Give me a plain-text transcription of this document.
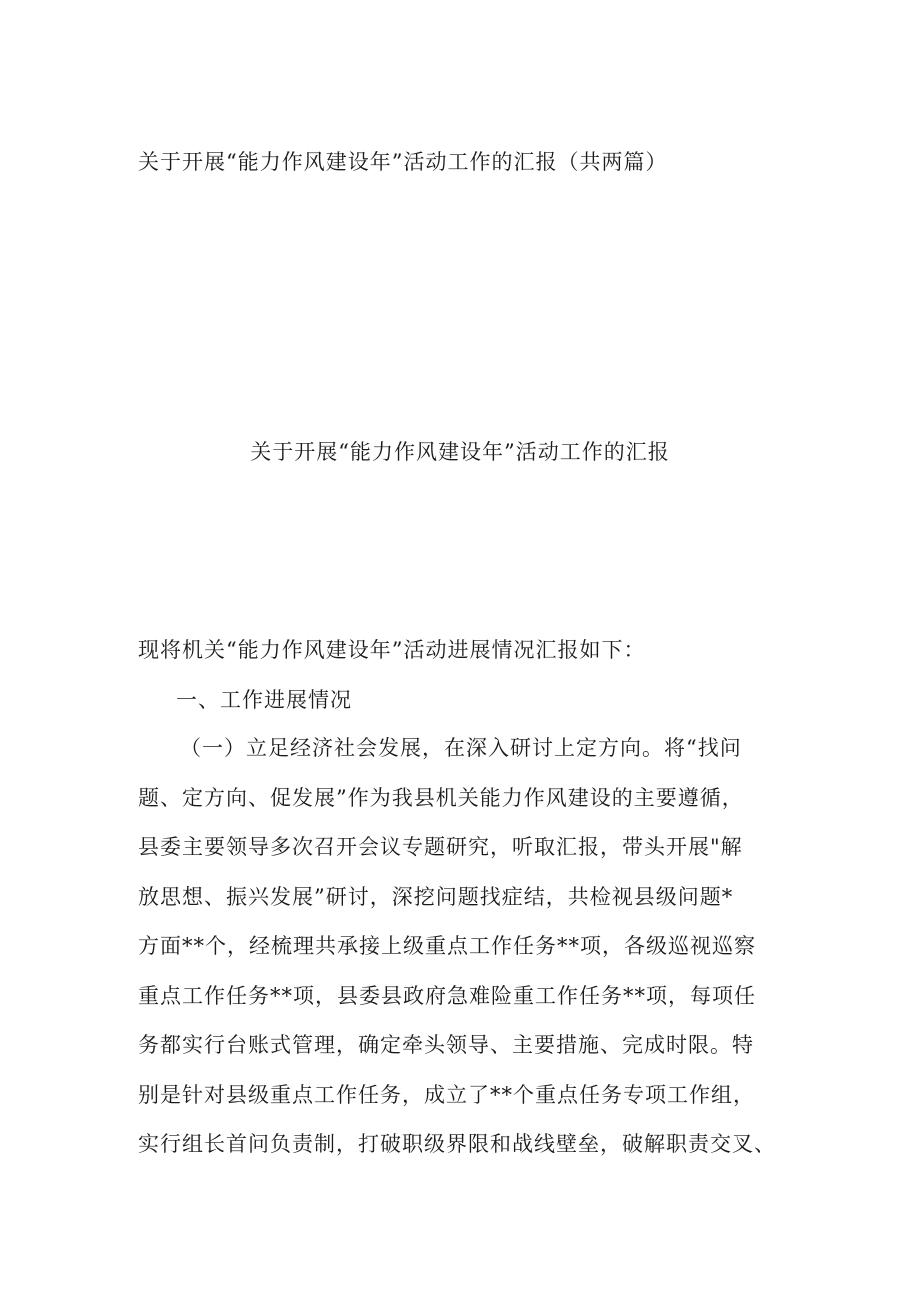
关于开展“能力作风建设年”活动工作的汇报（共两篇）
关于开展“能力作风建设年”活动工作的汇报

现将机关“能力作风建设年”活动进展情况汇报如下：

一、工作进展情况
（一）立足经济社会发展，在深入研讨上定方向。将“找问
题、定方向、促发展”作为我县机关能力作风建设的主要遵循，
县委主要领导多次召开会议专题研究，听取汇报，带头开展"解
放思想、振兴发展”研讨，深挖问题找症结，共检视县级问题*
方面**个，经梳理共承接上级重点工作任务**项，各级巡视巡察
重点工作任务**项，县委县政府急难险重工作任务**项，每项任
务都实行台账式管理，确定牵头领导、主要措施、完成时限。特
别是针对县级重点工作任务，成立了**个重点任务专项工作组，
实行组长首问负责制，打破职级界限和战线壁垒，破解职责交叉、
